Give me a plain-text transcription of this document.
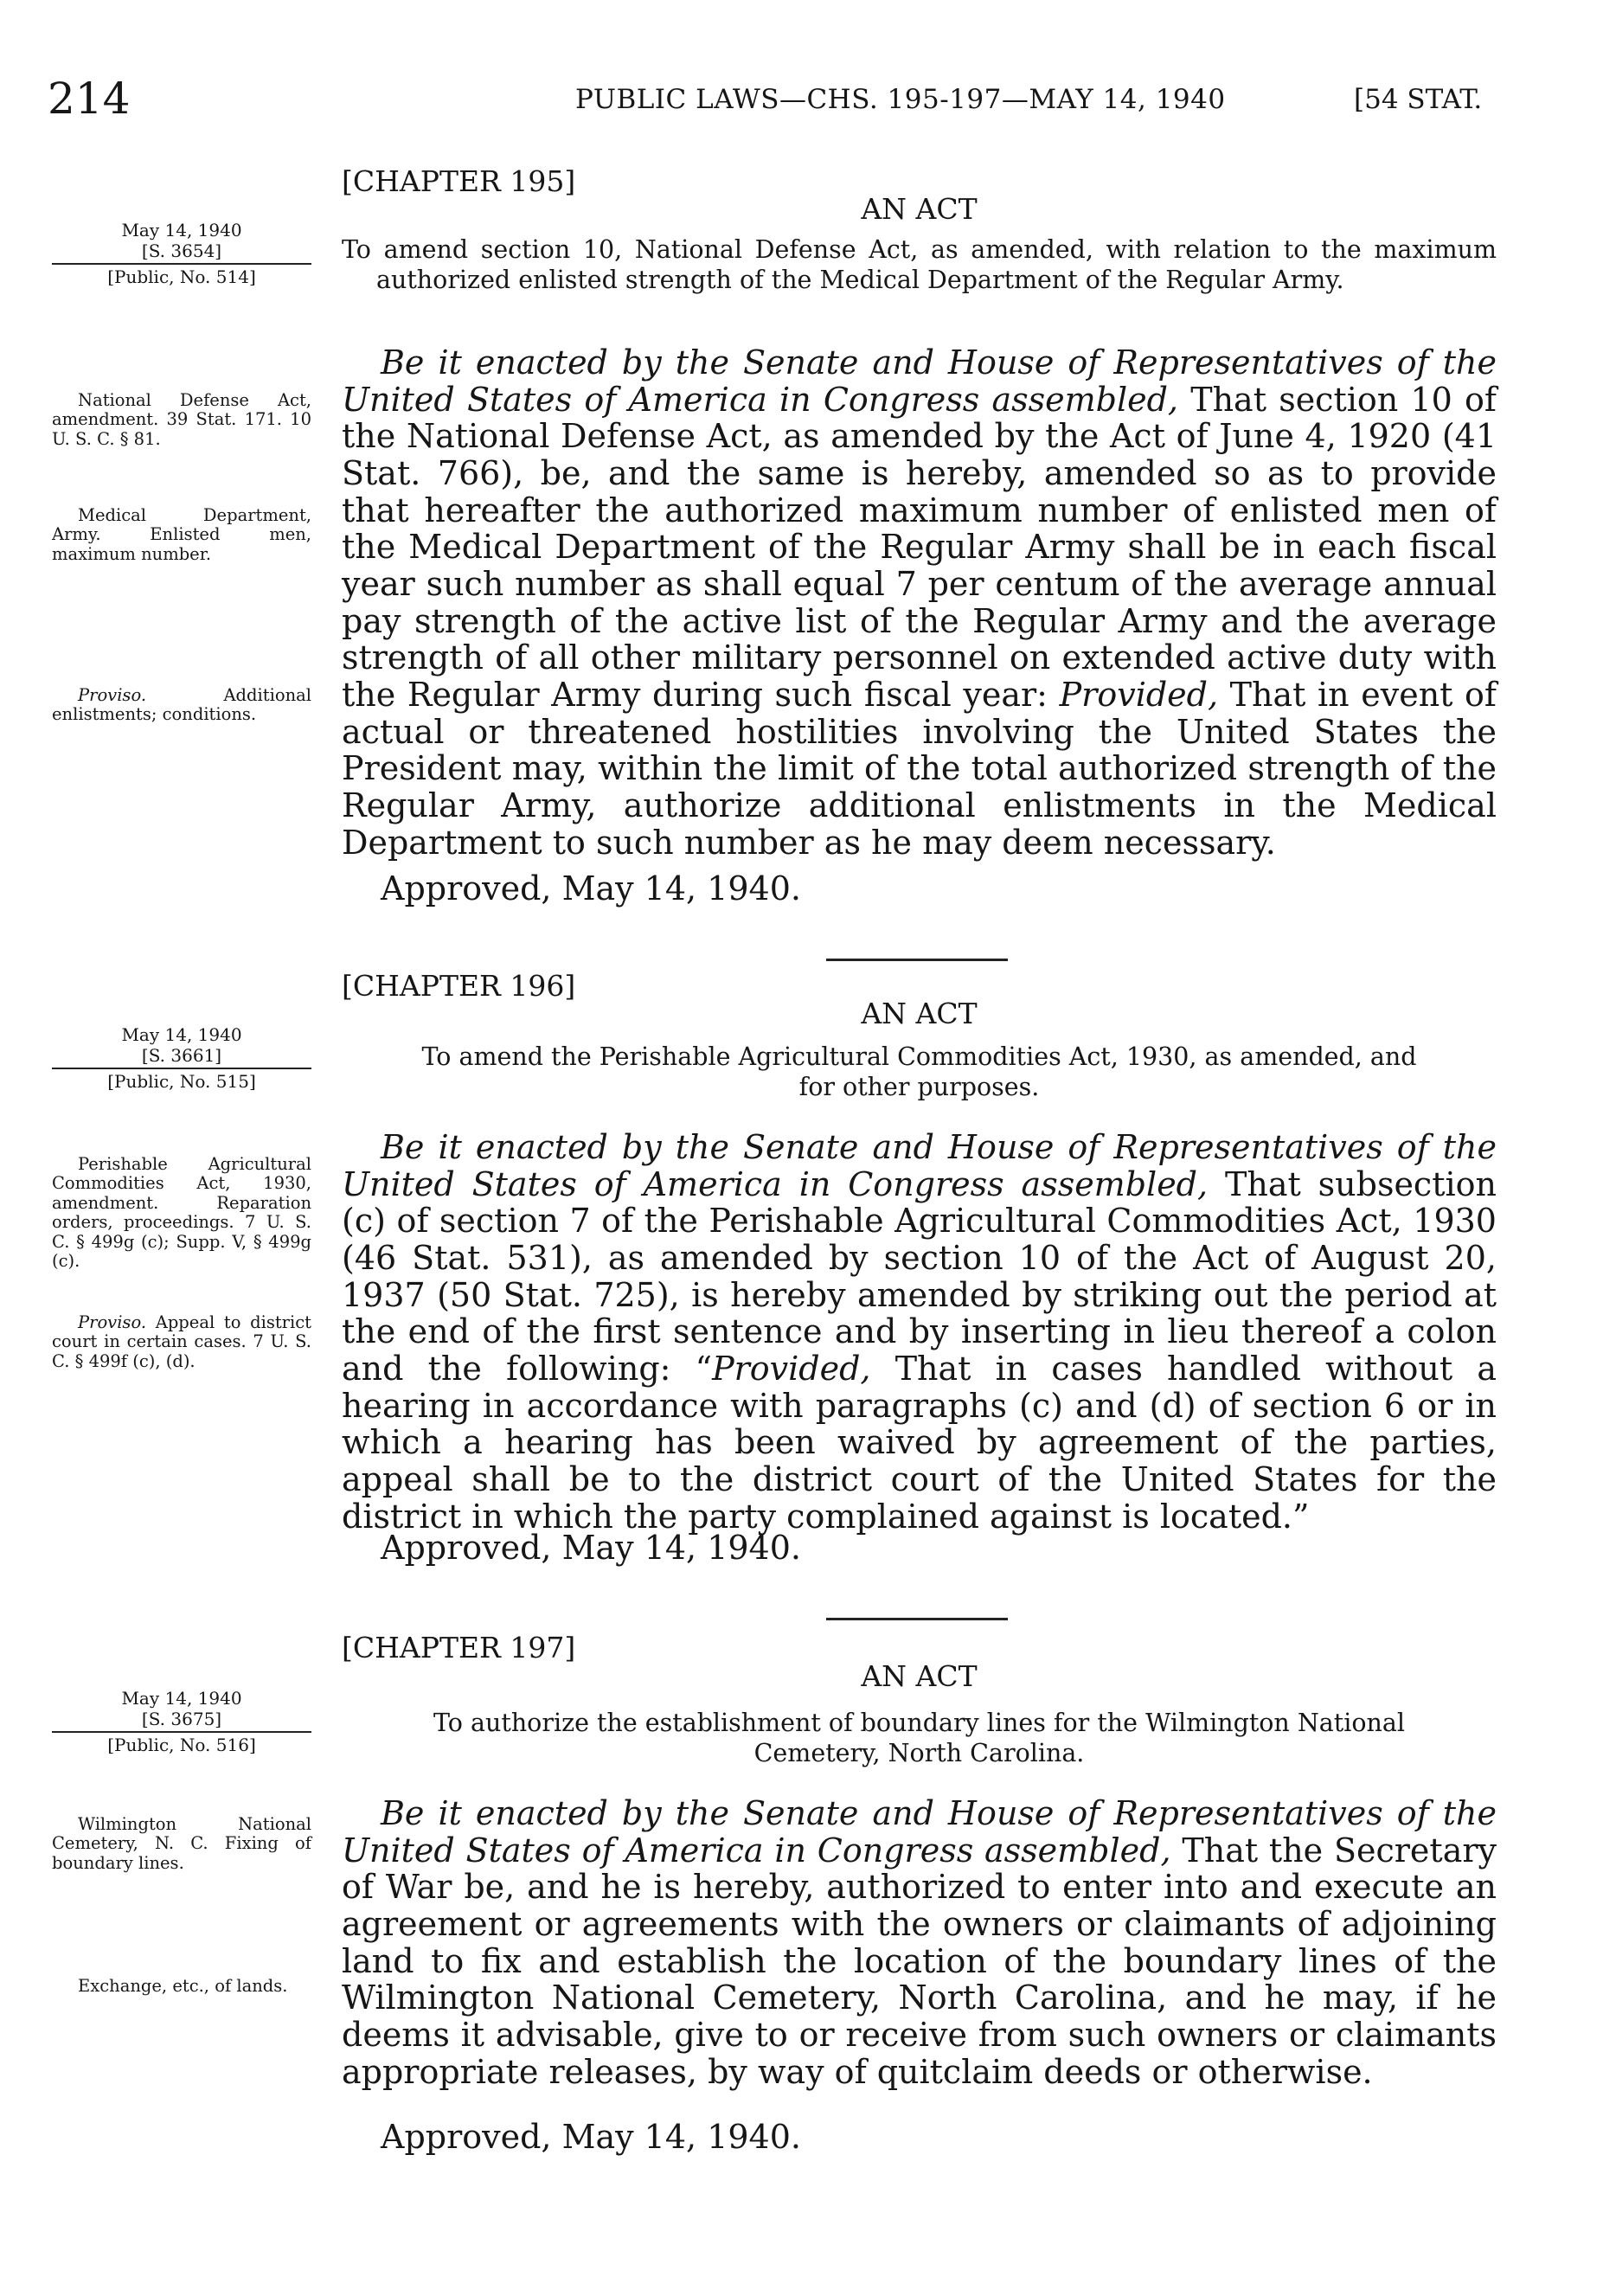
214	PUBLIC LAWS—CHS. 195-197—MAY 14, 1940	[54 STAT.
[CHAPTER 195]
AN ACT
To amend section 10, National Defense Act, as amended, with relation to the maximum authorized enlisted strength of the Medical Department of the Regular Army.
May 14, 1940
[S. 3654]
[Public, No. 514]
Be it enacted by the Senate and House of Representatives of the United States of America in Congress assembled, That section 10 of the National Defense Act, as amended by the Act of June 4, 1920 (41 Stat. 766), be, and the same is hereby, amended so as to provide that hereafter the authorized maximum number of enlisted men of the Medical Department of the Regular Army shall be in each fiscal year such number as shall equal 7 per centum of the average annual pay strength of the active list of the Regular Army and the average strength of all other military personnel on extended active duty with the Regular Army during such fiscal year: Provided, That in event of actual or threatened hostilities involving the United States the President may, within the limit of the total authorized strength of the Regular Army, authorize additional enlistments in the Medical Department to such number as he may deem necessary.
National Defense Act, amendment. 39 Stat. 171. 10 U. S. C. § 81.
Medical Department, Army. Enlisted men, maximum number.
Proviso.	Additional enlistments; conditions.
Approved, May 14, 1940.
[CHAPTER 196]
AN ACT
To amend the Perishable Agricultural Commodities Act, 1930, as amended, and
for other purposes.
May 14, 1940
[S. 3661]
[Public, No. 515]
Be it enacted by the Senate and House of Representatives of the United States of America in Congress assembled, That subsection (c) of section 7 of the Perishable Agricultural Commodities Act, 1930 (46 Stat. 531), as amended by section 10 of the Act of August 20, 1937 (50 Stat. 725), is hereby amended by striking out the period at the end of the first sentence and by inserting in lieu thereof a colon and the following: “Provided, That in cases handled without a hearing in accordance with paragraphs (c) and (d) of section 6 or in which a hearing has been waived by agreement of the parties, appeal shall be to the district court of the United States for the district in which the party complained against is located.”
Perishable Agricultural Commodities Act, 1930, amendment. Reparation orders, proceedings. 7 U. S. C. § 499g (c); Supp. V, § 499g (c).
Proviso. Appeal to district court in certain cases. 7 U. S. C. § 499f (c), (d).
Approved, May 14, 1940.
[CHAPTER 197]
AN ACT
To authorize the establishment of boundary lines for the Wilmington National
Cemetery, North Carolina.
May 14, 1940
[S. 3675]
[Public, No. 516]
Be it enacted by the Senate and House of Representatives of the United States of America in Congress assembled, That the Secretary of War be, and he is hereby, authorized to enter into and execute an agreement or agreements with the owners or claimants of adjoining land to fix and establish the location of the boundary lines of the Wilmington National Cemetery, North Carolina, and he may, if he deems it advisable, give to or receive from such owners or claimants appropriate releases, by way of quitclaim deeds or otherwise.
Wilmington National Cemetery, N. C. Fixing of boundary lines.
Exchange, etc., of lands.
Approved, May 14, 1940.
